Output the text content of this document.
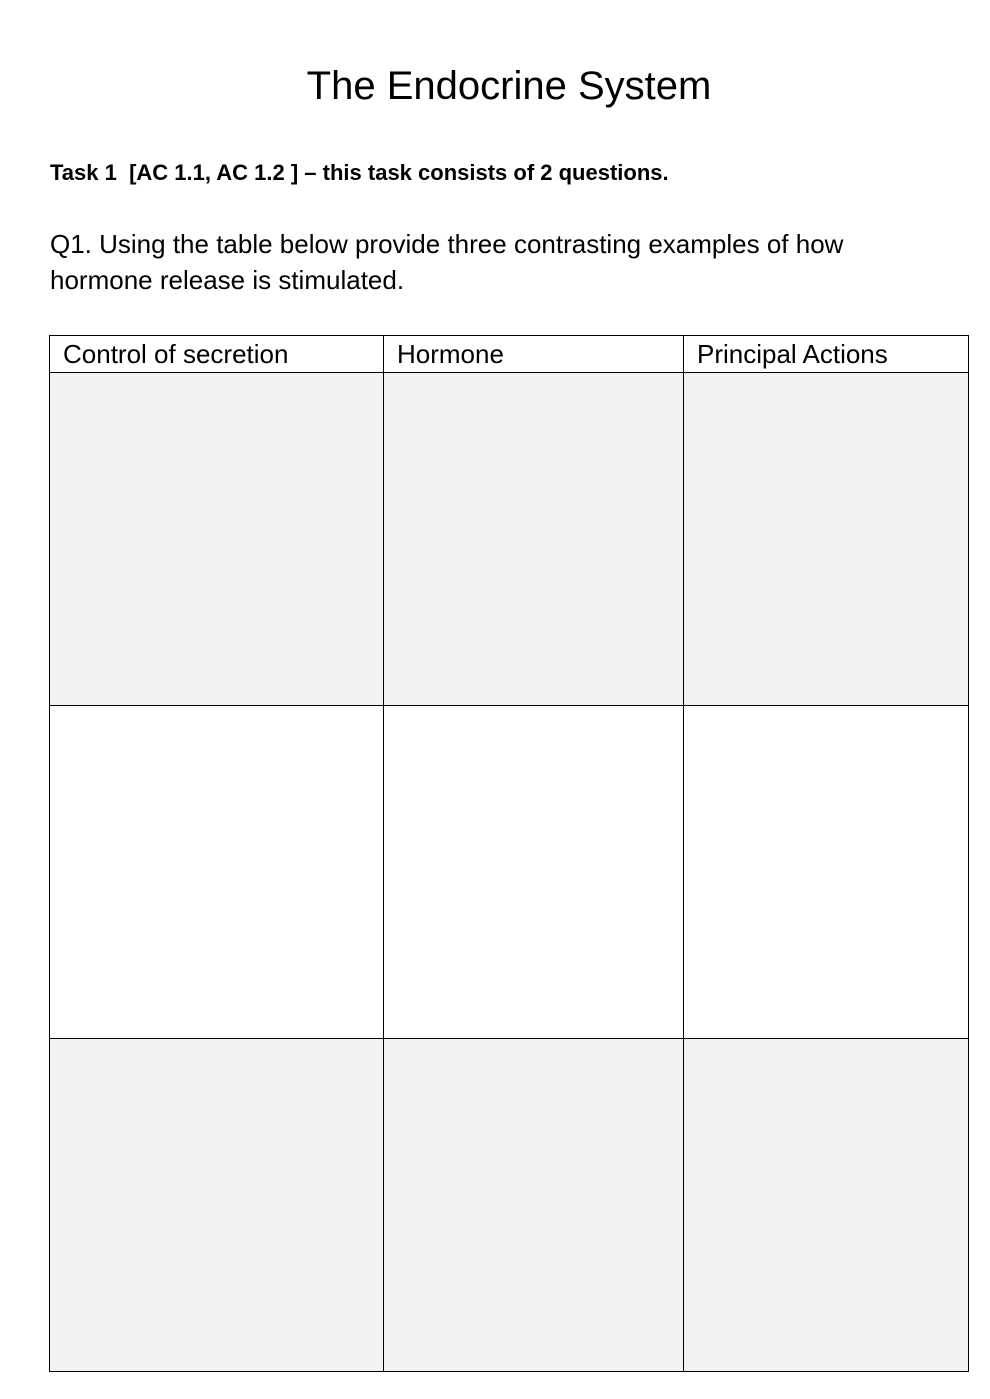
The Endocrine System

Task 1  [AC 1.1, AC 1.2 ] – this task consists of 2 questions.

Q1. Using the table below provide three contrasting examples of how hormone release is stimulated.

Control of secretion	Hormone	Principal Actions
